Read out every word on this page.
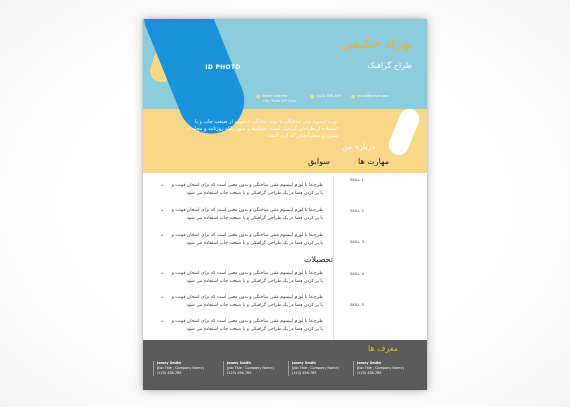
ID PHOTO
بهراد حکیمی
طراح گرافیک
● Street Address
City, State ZIP Code
● (123) 456-789 ● email@server.com
درباره من
لورم ایپسوم متن ساختگی با تولید سادگی نامفهوم از صنعت چاپ و با استفاده از طراحان گرافیک است. چاپگرها و متون بلکه روزنامه و مجله در ستون و سطرآنچنان که لازم است.
مهارت ها
سوابق
تحصیلات
SKILL 1
SKILL 2
SKILL 3
SKILL 4
SKILL 5
•	طرح‌نما یا لورم ایپسوم متنی ساختگی و بدون معنی است که برای امتحان فونت و
یا پر کردن فضا در یک طراحی گرافیکی و یا صنعت چاپ استفاده می شود.
•	طرح‌نما یا لورم ایپسوم متنی ساختگی و بدون معنی است که برای امتحان فونت و
یا پر کردن فضا در یک طراحی گرافیکی و یا صنعت چاپ استفاده می شود.
•	طرح‌نما یا لورم ایپسوم متنی ساختگی و بدون معنی است که برای امتحان فونت و
یا پر کردن فضا در یک طراحی گرافیکی و یا صنعت چاپ استفاده می شود.
•	طرح‌نما یا لورم ایپسوم متنی ساختگی و بدون معنی است که برای امتحان فونت و
یا پر کردن فضا در یک طراحی گرافیکی و یا صنعت چاپ استفاده می شود.
•	طرح‌نما یا لورم ایپسوم متنی ساختگی و بدون معنی است که برای امتحان فونت و
یا پر کردن فضا در یک طراحی گرافیکی و یا صنعت چاپ استفاده می شود.
•	طرح‌نما یا لورم ایپسوم متنی ساختگی و بدون معنی است که برای امتحان فونت و
یا پر کردن فضا در یک طراحی گرافیکی و یا صنعت چاپ استفاده می شود.
معرف ها
Jamey Smith
[Job Title ; Company Name]
(123) 456-789
Jamey Smith
[Job Title ; Company Name]
(123) 456-789
Jamey Smith
[Job Title ; Company Name]
(123) 456-789
Jamey Smith
[Job Title ; Company Name]
(123) 456-789
